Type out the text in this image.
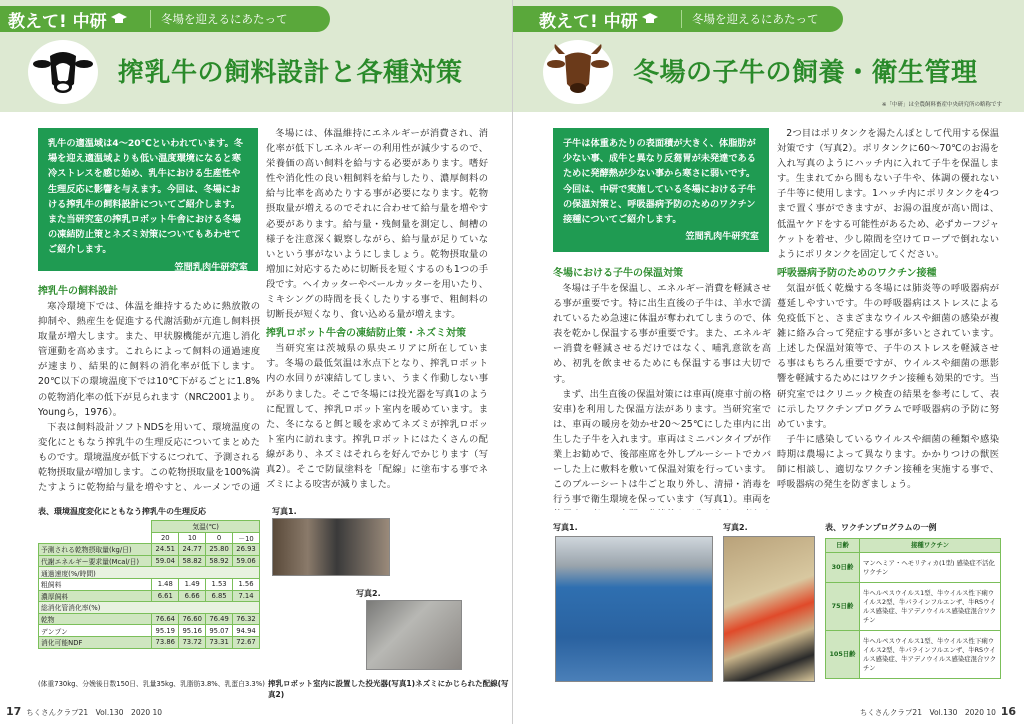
教えて! 中研	冬場を迎えるにあたって
搾乳牛の飼料設計と各種対策
乳牛の適温域は4～20℃といわれています。冬場を迎え適温域よりも低い温度環境になると寒冷ストレスを感じ始め、乳牛における生産性や生理反応に影響を与えます。今回は、冬場における搾乳牛の飼料設計についてご紹介します。また当研究室の搾乳ロボット牛舎における冬場の凍結防止策とネズミ対策についてもあわせてご紹介します。
笠間乳肉牛研究室
搾乳牛の飼料設計

寒冷環境下では、体温を維持するために熱放散の抑制や、熱産生を促進する代謝活動が亢進し飼料摂取量が増大します。また、甲状腺機能が亢進し消化管運動を高めます。これらによって飼料の通過速度が速まり、結果的に飼料の消化率が低下します。20℃以下の環境温度下では10℃下がるごとに1.8%の乾物消化率の低下が見られます（NRC2001より。Youngら，1976）。

下表は飼料設計ソフトNDSを用いて、環境温度の変化にともなう搾乳牛の生理反応についてまとめたものです。環境温度が低下するにつれて、予測される乾物摂取量が増加します。この乾物摂取量を100%満たすように乾物給与量を増やすと、ルーメンでの通

冬場には、体温維持にエネルギーが消費され、消化率が低下しエネルギーの利用性が減少するので、栄養価の高い飼料を給与する必要があります。嗜好性や消化性の良い粗飼料を給与したり、濃厚飼料の給与比率を高めたりする事が必要になります。乾物摂取量が増えるのでそれに合わせて給与量を増やす必要があります。給与量・残飼量を測定し、飼槽の様子を注意深く観察しながら、給与量が足りていないという事がないようにしましょう。乾物摂取量の増加に対応するために切断長を短くするのも1つの手段です。ヘイカッターやベールカッターを用いたり、ミキシングの時間を長くしたりする事で、粗飼料の切断長が短くなり、食い込める量が増えます。

搾乳ロボット牛舎の凍結防止策・ネズミ対策

当研究室は茨城県の県央エリアに所在しています。冬場の最低気温は氷点下となり、搾乳ロボット内の水回りが凍結してしまい、うまく作動しない事がありました。そこで冬場には投光器を写真1のように配置して、搾乳ロボット室内を暖めています。また、冬になると餌と暖を求めてネズミが搾乳ロボット室内に訪れます。搾乳ロボットにはたくさんの配線があり、ネズミはそれらを好んでかじります（写真2）。そこで防鼠塗料を「配線」に塗布する事でネズミによる咬害が減りました。

表、環境温度変化にともなう搾乳牛の生理反応
	気温(℃)			
	20	10	0	－10
予測される乾物摂取量(kg/日)	24.51	24.77	25.80	26.93
代謝エネルギー要求量(Mcal/日)	59.04	58.82	58.92	59.06
通過速度(%/時間)				
粗飼料	1.48	1.49	1.53	1.56
濃厚飼料	6.61	6.66	6.85	7.14
総消化管消化率(%)				
乾物	76.64	76.60	76.49	76.32
デンプン	95.19	95.16	95.07	94.94
消化可能NDF	73.86	73.72	73.31	72.67
(体重730kg、分娩後日数150日、乳量35kg、乳脂肪3.8%、乳蛋白3.3%)
写真1.
写真2.
搾乳ロボット室内に設置した投光器(写真1)ネズミにかじられた配線(写真2)
17 ちくさんクラブ21　Vol.130　2020 10
教えて! 中研	冬場を迎えるにあたって
冬場の子牛の飼養・衛生管理
※「中研」は全農飼料畜産中央研究所の略称です
子牛は体重あたりの表面積が大きく、体脂肪が少ない事、成牛と異なり反芻胃が未発達であるために発酵熱が少ない事から寒さに弱いです。今回は、中研で実施している冬場における子牛の保温対策と、呼吸器病予防のためのワクチン接種についてご紹介します。
笠間乳肉牛研究室
冬場における子牛の保温対策

冬場は子牛を保温し、エネルギー消費を軽減させる事が重要です。特に出生直後の子牛は、羊水で濡れているため急速に体温が奪われてしまうので、体表を乾かし保温する事が重要です。また、エネルギー消費を軽減させるだけではなく、哺乳意欲を高め、初乳を飲ませるためにも保温する事は大切です。

まず、出生直後の保温対策には車両(廃車寸前の格安車)を利用した保温方法があります。当研究室では、車両の暖房を効かせ20～25℃にした車内に出生した子牛を入れます。車両はミニバンタイプが作業上お勧めで、後部座席を外しブルーシートでカバーした上に敷料を敷いて保温対策を行っています。このブルーシートは牛ごと取り外し、清掃・消毒を行う事で衛生環境を保っています（写真1）。車両を

2つ目はポリタンクを湯たんぽとして代用する保温対策です（写真2）。ポリタンクに60～70℃のお湯を入れ写真のようにハッチ内に入れて子牛を保温します。生まれてから間もない子牛や、体調の優れない子牛等に使用します。1ハッチ内にポリタンクを4つまで置く事ができますが、お湯の温度が高い間は、低温ヤケドをする可能性があるため、必ずカーフジャケットを着せ、少し隙間を空けてロープで倒れないようにポリタンクを固定してください。

呼吸器病予防のためのワクチン接種

気温が低く乾燥する冬場には肺炎等の呼吸器病が蔓延しやすいです。牛の呼吸器病はストレスによる免疫低下と、さまざまなウイルスや細菌の感染が複雑に絡み合って発症する事が多いとされています。上述した保温対策等で、子牛のストレスを軽減させる事はもちろん重要ですが、ウイルスや細菌の悪影響を軽減するためにはワクチン接種も効果的です。当研究室ではクリニック検査の結果を参考にして、表に示したワクチンプログラムで呼吸器病の予防に努めています。

子牛に感染しているウイルスや細菌の種類や感染時期は農場によって異なります。かかりつけの獣医師に相談し、適切なワクチン接種を実施する事で、呼吸器病の発生を防ぎましょう。

写真1.	写真2.	表、ワクチンプログラムの一例
日齢	接種ワクチン
30日齢	マンヘミア・ヘモリティカ(1型) 感染症不活化ワクチン
75日齢	牛ヘルペスウイルス1型、牛ウイルス性下痢ウイルス2型、牛パラインフルエンザ、牛RSウイルス感染症、牛アデノウイルス感染症混合ワクチン
105日齢	牛ヘルペスウイルス1型、牛ウイルス性下痢ウイルス2型、牛パラインフルエンザ、牛RSウイルス感染症、牛アデノウイルス感染症混合ワクチン
ちくさんクラブ21　Vol.130　2020 10 16
